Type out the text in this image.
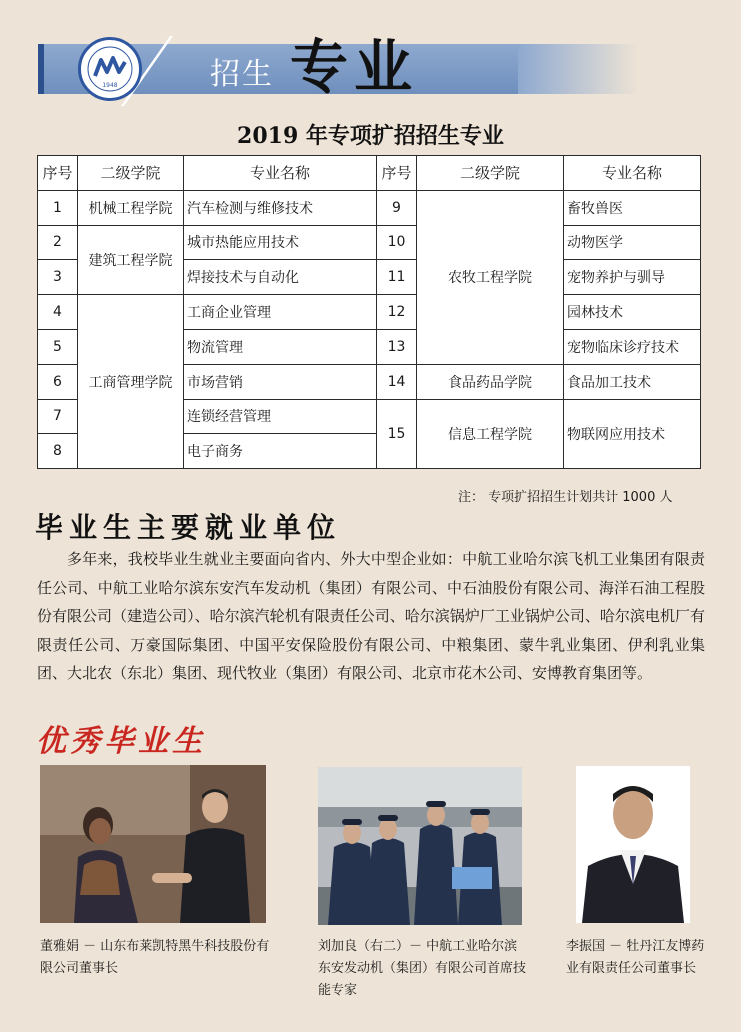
1948	招生 专业
2019 年专项扩招招生专业
序号	二级学院	专业名称	序号	二级学院	专业名称
1	机械工程学院	汽车检测与维修技术	9	农牧工程学院	畜牧兽医
2	建筑工程学院	城市热能应用技术	10		动物医学
3		焊接技术与自动化	11		宠物养护与驯导
4	工商管理学院	工商企业管理	12		园林技术
5		物流管理	13		宠物临床诊疗技术
6		市场营销	14	食品药品学院	食品加工技术
7		连锁经营管理	15	信息工程学院	物联网应用技术
8		电子商务			
注： 专项扩招招生计划共计 1000 人
毕业生主要就业单位
多年来，我校毕业生就业主要面向省内、外大中型企业如：中航工业哈尔滨飞机工业集团有限责任公司、中航工业哈尔滨东安汽车发动机（集团）有限公司、中石油股份有限公司、海洋石油工程股份有限公司（建造公司）、哈尔滨汽轮机有限责任公司、哈尔滨锅炉厂工业锅炉公司、哈尔滨电机厂有限责任公司、万豪国际集团、中国平安保险股份有限公司、中粮集团、蒙牛乳业集团、伊利乳业集团、大北农（东北）集团、现代牧业（集团）有限公司、北京市花木公司、安博教育集团等。
优秀毕业生
董雅娟 － 山东布莱凯特黑牛科技股份有限公司董事长
刘加良（右二）－ 中航工业哈尔滨东安发动机（集团）有限公司首席技能专家
李振国 － 牡丹江友博药业有限责任公司董事长
